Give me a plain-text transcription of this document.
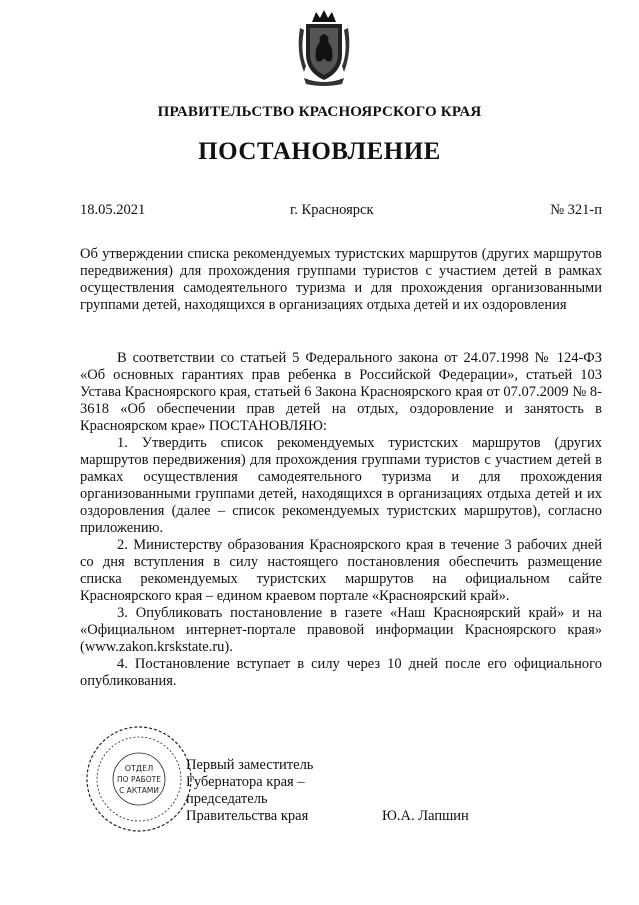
ПРАВИТЕЛЬСТВО КРАСНОЯРСКОГО КРАЯ
ПОСТАНОВЛЕНИЕ
18.05.2021	г. Красноярск	№ 321-п
Об утверждении списка рекомендуемых туристских маршрутов (других маршрутов передвижения) для прохождения группами туристов с участием детей в рамках осуществления самодеятельного туризма и для прохождения организованными группами детей, находящихся в организациях отдыха детей и их оздоровления

В соответствии со статьей 5 Федерального закона от 24.07.1998 № 124-ФЗ «Об основных гарантиях прав ребенка в Российской Федерации», статьей 103 Устава Красноярского края, статьей 6 Закона Красноярского края от 07.07.2009 № 8-3618 «Об обеспечении прав детей на отдых, оздоровление и занятость в Красноярском крае» ПОСТАНОВЛЯЮ:

1. Утвердить список рекомендуемых туристских маршрутов (других маршрутов передвижения) для прохождения группами туристов с участием детей в рамках осуществления самодеятельного туризма и для прохождения организованными группами детей, находящихся в организациях отдыха детей и их оздоровления (далее – список рекомендуемых туристских маршрутов), согласно приложению.

2. Министерству образования Красноярского края в течение 3 рабочих дней со дня вступления в силу настоящего постановления обеспечить размещение списка рекомендуемых туристских маршрутов на официальном сайте Красноярского края – едином краевом портале «Красноярский край».

3. Опубликовать постановление в газете «Наш Красноярский край» и на «Официальном интернет-портале правовой информации Красноярского края» (www.zakon.krskstate.ru).

4. Постановление вступает в силу через 10 дней после его официального опубликования.

ОТДЕЛ
ПО РАБОТЕ
С АКТАМИ
Первый заместитель
Губернатора края –
председатель
Правительства края	Ю.А. Лапшин
